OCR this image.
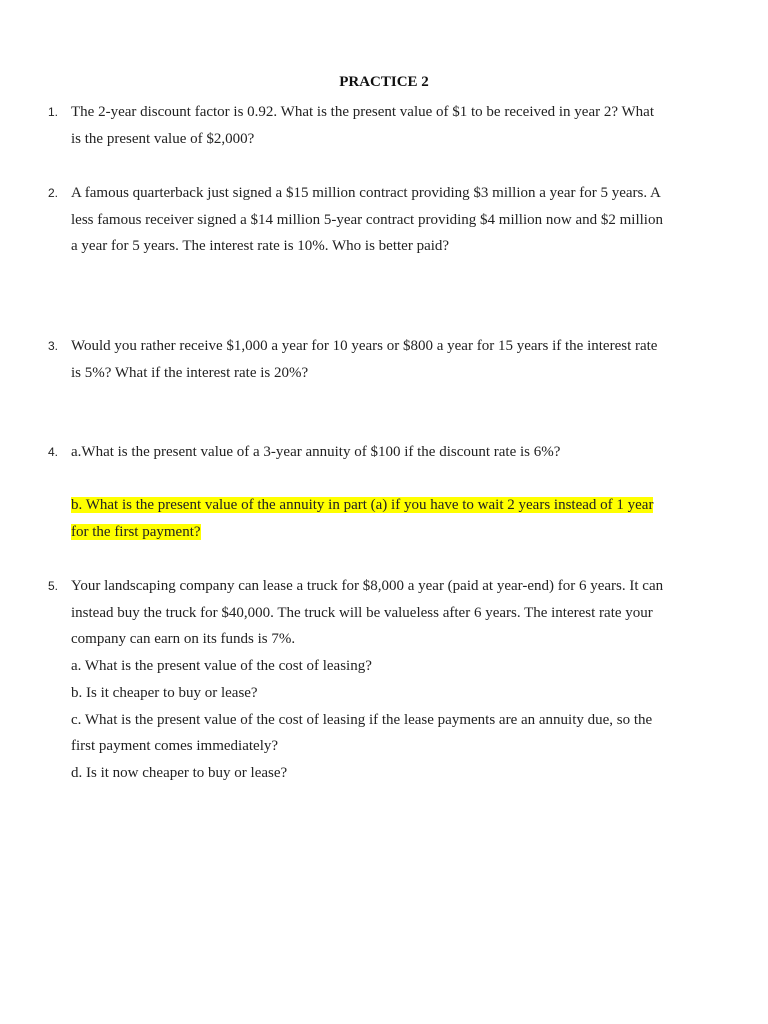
PRACTICE 2
1. The 2-year discount factor is 0.92. What is the present value of $1 to be received in year 2? What is the present value of $2,000?

2. A famous quarterback just signed a $15 million contract providing $3 million a year for 5 years. A less famous receiver signed a $14 million 5-year contract providing $4 million now and $2 million a year for 5 years. The interest rate is 10%. Who is better paid?

3. Would you rather receive $1,000 a year for 10 years or $800 a year for 15 years if the interest rate is 5%? What if the interest rate is 20%?

4. a.What is the present value of a 3-year annuity of $100 if the discount rate is 6%?

b. What is the present value of the annuity in part (a) if you have to wait 2 years instead of 1 year for the first payment?

5. Your landscaping company can lease a truck for $8,000 a year (paid at year-end) for 6 years. It can instead buy the truck for $40,000. The truck will be valueless after 6 years. The interest rate your company can earn on its funds is 7%.

a. What is the present value of the cost of leasing?

b. Is it cheaper to buy or lease?

c. What is the present value of the cost of leasing if the lease payments are an annuity due, so the first payment comes immediately?

d. Is it now cheaper to buy or lease?
